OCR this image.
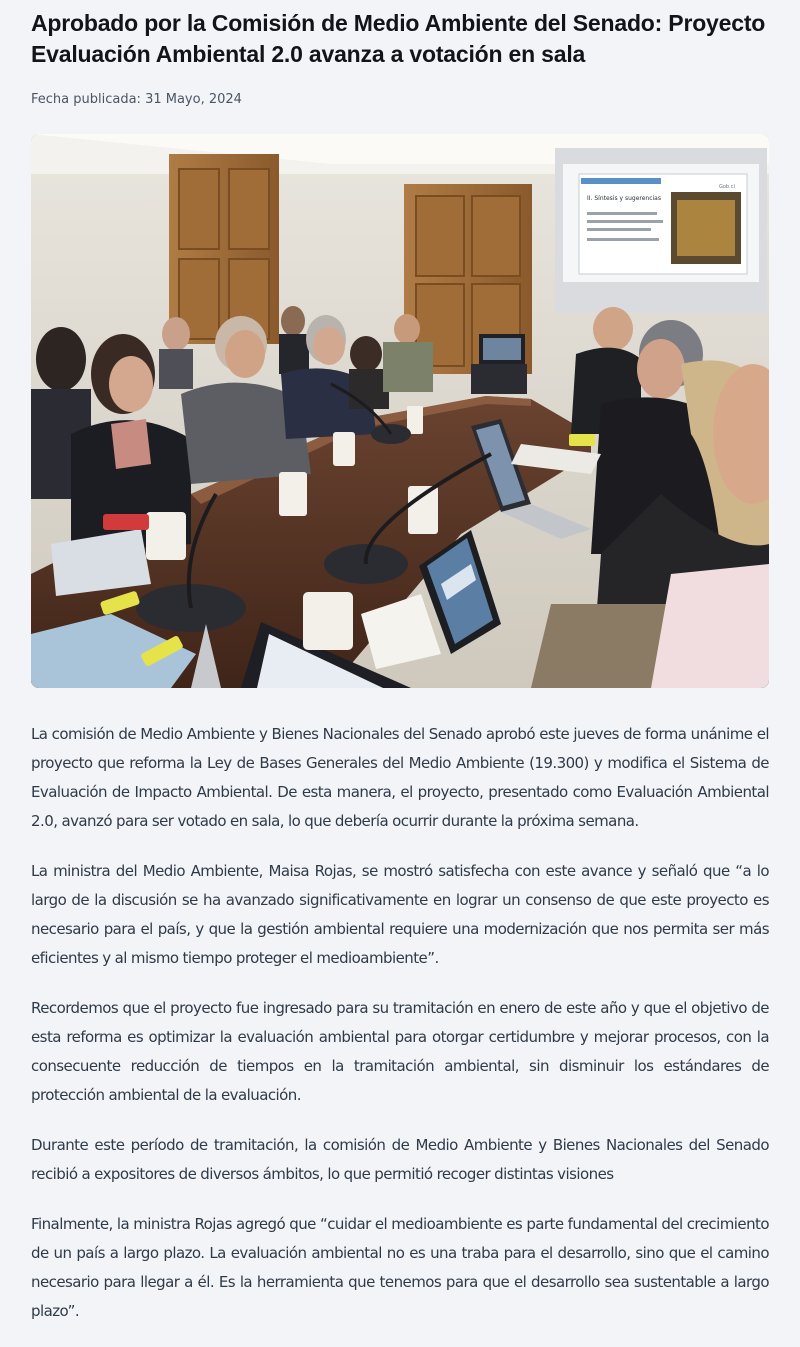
Aprobado por la Comisión de Medio Ambiente del Senado: Proyecto Evaluación Ambiental 2.0 avanza a votación en sala
Fecha publicada: 31 Mayo, 2024
II. Síntesis y sugerencias
Gob.cl

La comisión de Medio Ambiente y Bienes Nacionales del Senado aprobó este jueves de forma unánime el proyecto que reforma la Ley de Bases Generales del Medio Ambiente (19.300) y modifica el Sistema de Evaluación de Impacto Ambiental. De esta manera, el proyecto, presentado como Evaluación Ambiental 2.0, avanzó para ser votado en sala, lo que debería ocurrir durante la próxima semana.

La ministra del Medio Ambiente, Maisa Rojas, se mostró satisfecha con este avance y señaló que “a lo largo de la discusión se ha avanzado significativamente en lograr un consenso de que este proyecto es necesario para el país, y que la gestión ambiental requiere una modernización que nos permita ser más eficientes y al mismo tiempo proteger el medioambiente”.

Recordemos que el proyecto fue ingresado para su tramitación en enero de este año y que el objetivo de esta reforma es optimizar la evaluación ambiental para otorgar certidumbre y mejorar procesos, con la consecuente reducción de tiempos en la tramitación ambiental, sin disminuir los estándares de protección ambiental de la evaluación.

Durante este período de tramitación, la comisión de Medio Ambiente y Bienes Nacionales del Senado recibió a expositores de diversos ámbitos, lo que permitió recoger distintas visiones

Finalmente, la ministra Rojas agregó que “cuidar el medioambiente es parte fundamental del crecimiento de un país a largo plazo. La evaluación ambiental no es una traba para el desarrollo, sino que el camino necesario para llegar a él. Es la herramienta que tenemos para que el desarrollo sea sustentable a largo plazo”.
